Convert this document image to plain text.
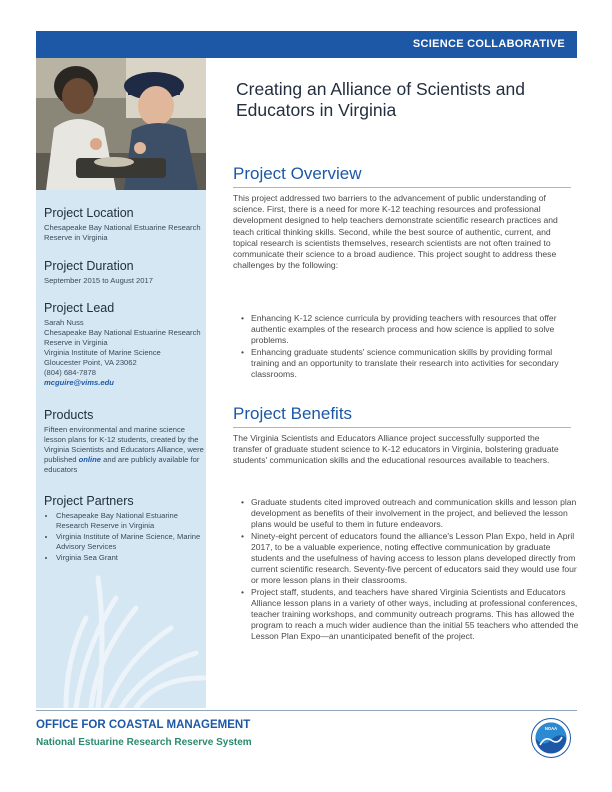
SCIENCE COLLABORATIVE
Project Location
Chesapeake Bay National Estuarine Research Reserve in Virginia
Project Duration
September 2015 to August 2017
Project Lead
Sarah Nuss
Chesapeake Bay National Estuarine Research Reserve in Virginia
Virginia Institute of Marine Science
Gloucester Point, VA 23062
(804) 684-7878
mcguire@vims.edu
Products
Fifteen environmental and marine science lesson plans for K-12 students, created by the Virginia Scientists and Educators Alliance, were published online and are publicly available for educators
Project Partners
• Chesapeake Bay National Estuarine Research Reserve in Virginia
• Virginia Institute of Marine Science, Marine Advisory Services
• Virginia Sea Grant
Creating an Alliance of Scientists and Educators in Virginia
Project Overview
This project addressed two barriers to the advancement of public understanding of science. First, there is a need for more K-12 teaching resources and professional development designed to help teachers demonstrate scientific research practices and teach critical thinking skills. Second, while the best source of authentic, current, and topical research is scientists themselves, research scientists are not often trained to communicate their science to a broad audience. This project sought to address these challenges by the following:
• Enhancing K-12 science curricula by providing teachers with resources that offer authentic examples of the research process and how science is applied to solve problems.
• Enhancing graduate students' science communication skills by providing formal training and an opportunity to translate their research into activities for secondary classrooms.
Project Benefits
The Virginia Scientists and Educators Alliance project successfully supported the transfer of graduate student science to K-12 educators in Virginia, bolstering graduate students' communication skills and the educational resources available to teachers.
• Graduate students cited improved outreach and communication skills and lesson plan development as benefits of their involvement in the project, and believed the lesson plans would be useful to them in future endeavors.
• Ninety-eight percent of educators found the alliance's Lesson Plan Expo, held in April 2017, to be a valuable experience, noting effective communication by graduate students and the usefulness of having access to lesson plans developed directly from current scientific research. Seventy-five percent of educators said they would use four or more lesson plans in their classrooms.
• Project staff, students, and teachers have shared Virginia Scientists and Educators Alliance lesson plans in a variety of other ways, including at professional conferences, teacher training workshops, and community outreach programs. This has allowed the program to reach a much wider audience than the initial 55 teachers who attended the Lesson Plan Expo—an unanticipated benefit of the project.
OFFICE FOR COASTAL MANAGEMENT
National Estuarine Research Reserve System
NOAA
